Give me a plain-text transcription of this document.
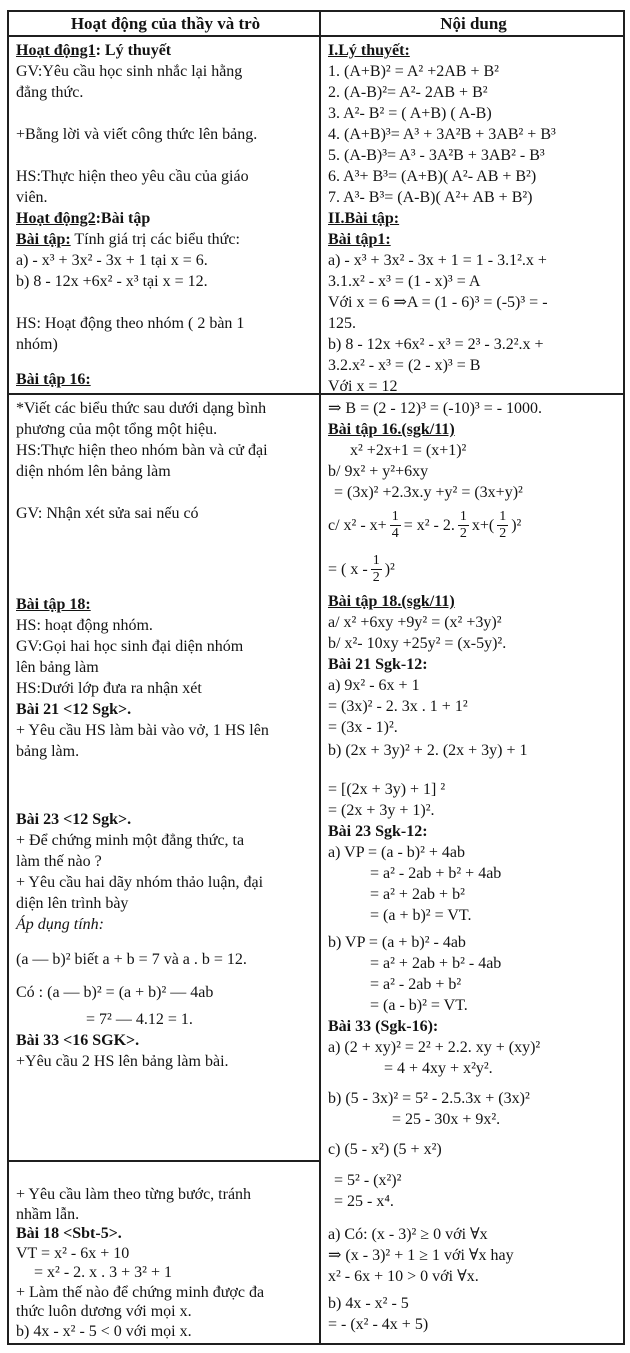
Hoạt động của thầy và trò	Nội dung
Hoạt động1: Lý thuyết
GV:Yêu cầu học sinh nhắc lại hằng
đẳng thức.
+Bằng lời và viết công thức lên bảng.
HS:Thực hiện theo yêu cầu của giáo
viên.
Hoạt động2:Bài tập
Bài tập: Tính giá trị các biểu thức:
a) - x³ + 3x² - 3x + 1 tại x = 6.
b) 8 - 12x +6x² - x³ tại x = 12.
HS: Hoạt động theo nhóm ( 2 bàn 1
nhóm)
Bài tập 16:
I.Lý thuyết:
1. (A+B)² = A² +2AB + B²
2. (A-B)²= A²- 2AB + B²
3. A²- B² = ( A+B) ( A-B)
4. (A+B)³= A³ + 3A²B + 3AB² + B³
5. (A-B)³= A³ - 3A²B + 3AB² - B³
6. A³+ B³= (A+B)( A²- AB + B²)
7. A³- B³= (A-B)( A²+ AB + B²)
II.Bài tập:
Bài tập1:
a) - x³ + 3x² - 3x + 1 = 1 - 3.1².x +
3.1.x² - x³ = (1 - x)³ = A
Với x = 6 ⇒A = (1 - 6)³ = (-5)³ = -
125.
b) 8 - 12x +6x² - x³ = 2³ - 3.2².x +
3.2.x² - x³ = (2 - x)³ = B
Với x = 12
*Viết các biểu thức sau dưới dạng bình
phương của một tổng một hiệu.
HS:Thực hiện theo nhóm bàn và cử đại
diện nhóm lên bảng làm
GV: Nhận xét sửa sai nếu có
Bài tập 18:
HS: hoạt động nhóm.
GV:Gọi hai học sinh đại diện nhóm
lên bảng làm
HS:Dưới lớp đưa ra nhận xét
Bài 21 <12 Sgk>.
+ Yêu cầu HS làm bài vào vở, 1 HS lên
bảng làm.
Bài 23 <12 Sgk>.
+ Để chứng minh một đẳng thức, ta
làm thế nào ?
+ Yêu cầu hai dãy nhóm thảo luận, đại
diện lên trình bày
Áp dụng tính:
(a — b)² biết a + b = 7 và a . b = 12.
Có : (a — b)² = (a + b)² — 4ab
= 7² — 4.12 = 1.
Bài 33 <16 SGK>.
+Yêu cầu 2 HS lên bảng làm bài.
+ Yêu cầu làm theo từng bước, tránh
nhầm lẫn.
Bài 18 <Sbt-5>.
VT = x² - 6x + 10
= x² - 2. x . 3 + 3² + 1
+ Làm thế nào để chứng minh được đa
thức luôn dương với mọi x.
b) 4x - x² - 5 < 0 với mọi x.
⇒ B = (2 - 12)³ = (-10)³ = - 1000.
Bài tập 16.(sgk/11)
x² +2x+1 = (x+1)²
b/ 9x² + y²+6xy
= (3x)² +2.3x.y +y² = (3x+y)²
c/ $x^2 - x+ \frac{1}{4} = x^2 - 2$. $\frac{1}{2} x+( \frac{1}{2} )^2$
= ( x - $\frac{1}{2} )^2$
Bài tập 18.(sgk/11)
a/ x² +6xy +9y² = (x² +3y)²
b/ x²- 10xy +25y² = (x-5y)².
Bài 21 Sgk-12:
a) 9x² - 6x + 1
= (3x)² - 2. 3x . 1 + 1²
= (3x - 1)².
b) (2x + 3y)² + 2. (2x + 3y) + 1
= [(2x + 3y) + 1] ²
= (2x + 3y + 1)².
Bài 23 Sgk-12:
a) VP = (a - b)² + 4ab
= a² - 2ab + b² + 4ab
= a² + 2ab + b²
= (a + b)² = VT.
b) VP = (a + b)² - 4ab
= a² + 2ab + b² - 4ab
= a² - 2ab + b²
= (a - b)² = VT.
Bài 33 (Sgk-16):
a) (2 + xy)² = 2² + 2.2. xy + (xy)²
= 4 + 4xy + x²y².
b) (5 - 3x)² = 5² - 2.5.3x + (3x)²
= 25 - 30x + 9x².
c) (5 - x²) (5 + x²)
= 5² - (x²)²
= 25 - x⁴.
a) Có: (x - 3)² ≥ 0 với ∀x
⇒ (x - 3)² + 1 ≥ 1 với ∀x hay
x² - 6x + 10 > 0 với ∀x.
b) 4x - x² - 5
= - (x² - 4x + 5)
